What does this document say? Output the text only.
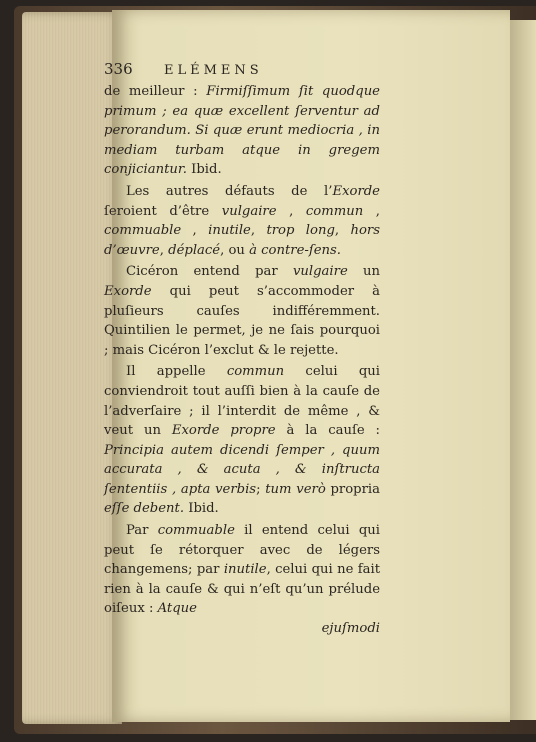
336	ELÉMENS

de meilleur : Firmiſſimum ſit quodque primum ; ea quæ excellent ſerventur ad perorandum. Si quæ erunt mediocria , in mediam turbam atque in gregem conjiciantur. Ibid.

Les autres défauts de l’Exorde ſeroient d’être vulgaire , commun , commuable , inutile, trop long, hors d’œuvre, déplacé, ou à contre-ſens.

Cicéron entend par vulgaire un Exorde qui peut s’accommoder à pluſieurs cauſes indifféremment. Quintilien le permet, je ne ſais pourquoi ; mais Cicéron l’exclut & le rejette.

Il appelle commun celui qui conviendroit tout auſſi bien à la cauſe de l’adverſaire ; il l’interdit de même , & veut un Exorde propre à la cauſe : Principia autem dicendi ſemper , quum accurata , & acuta , & inſtructa ſententiis , apta verbis; tum verò propria eſſe debent. Ibid.

Par commuable il entend celui qui peut ſe rétorquer avec de légers changemens; par inutile, celui qui ne fait rien à la cauſe & qui n’eſt qu’un prélude oiſeux : Atque

ejuſmodi
